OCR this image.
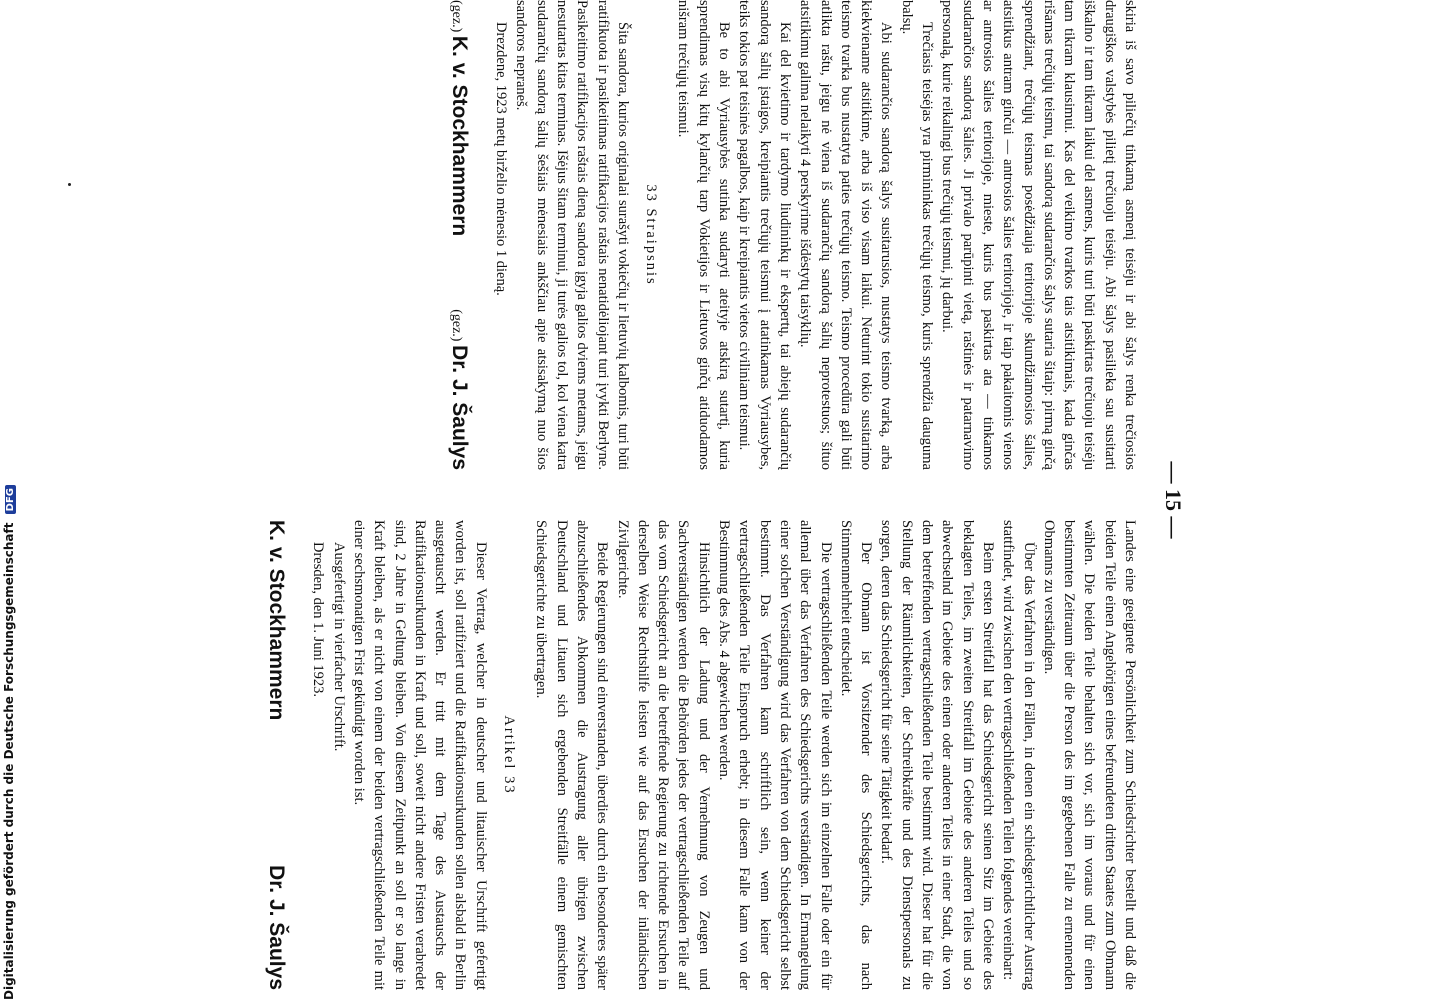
— 15 —

skiria iš savo piliečių tinkamą asmenį teisėju ir abi šalys renka trečiosios draugiškos valstybės pilietį trečiuoju teisėju. Abi šalys pasilieka sau susitarti iškalno ir tam tikram laikui del asmens, kuris turi būti paskirtas trečiuoju teisėju tam tikram klausimui. Kas del veikimo tvarkos tais atsitikimais, kada ginčas rišamas trečiųjų teismu, tai sandorą sudarančios šalys sutaria šitaip: pirmą ginčą sprendžiant, trečiųjų teismas posėdžiauja teritorijoje skundžiamosios šalies, atsitikus antram ginčui — antrosios šalies teritorijoje, ir taip pakaitomis vienos ar antrosios šalies teritorijoje, mieste, kuris bus paskirtas ata — tinkamos sudarančios sandorą šalies. Ji privalo parūpinti vietą, raštinės ir patarnavimo personalą, kurie reikalingi bus trečiųjų teismui, jų darbui.

Trečiasis teisėjas yra pirmininkas trečiųjų teismo, kuris sprendžia dauguma balsų.

Abi sudarančios sandorą šalys susitarusios, nustatys teismo tvarką, arba kiekviename atsitikime, arba iš viso visam laikui. Neturint tokio susitarimo teismo tvarka bus nustatyta paties trečiųjų teismo. Teismo procedūra gali būti atlikta raštu, jeigu nė viena iš sudarančių sandorą šalių neprotestuos; šituo atsitikimu galima nelaikyti 4 perskyrime išdėstytų taisyklių.

Kai del kvietimo ir tardymo liudininkų ir ekspertų, tai abiejų sudarančių sandorą šalių įstaigos, kreipiantis trečiųjų teismui į atatinkamas Vyriausybes, teiks tokios pat teisinės pagalbos, kaip ir kreipiantis vietos civiliniam teismui.

Be to abi Vyriausybės sutinka sudaryti ateityje atskirą sutartį, kuria sprendimas visų kitų kylančių tarp Vokietijos ir Lietuvos ginčų atiduodamos nišram trečiųjų teismui.

33 Straipsnis

Šita sandora, kurios originalai surašyti vokiečių ir lietuvių kalbomis, turi būti ratifikuota ir pasikeitimas ratifikacijos raštais nenatidėliojant turi įvykti Berlyne. Pasikeitimo ratifikacijos raštais dieną sandora įgyja galios dviems metams, jeigu nesutartas kitas terminas. Išėjus šitam terminui, ji turės galios tol, kol viena katra sudarančių sandorą šalių šešiais mėnesiais ankščiau apie atsisakymą nuo šios sandoros nepraneš.

Drezdene, 1923 metų birželio mėnesio 1 dieną.

(gez.) K. v. Stockhammern
(gez.) Dr. J. Šaulys

Landes eine geeignete Persönlichkeit zum Schiedsrichter bestellt und daß die beiden Teile einen Angehörigen eines befreundeten dritten Staates zum Obmann wählen. Die beiden Teile behalten sich vor, sich im voraus und für einen bestimmten Zeitraum über die Person des im gegebenen Falle zu ernennenden Obmanns zu verständigen.

Über das Verfahren in den Fällen, in denen ein schiedsgerichtlicher Austrag stattfindet, wird zwischen den vertragschließenden Teilen folgendes vereinbart:

Beim ersten Streitfall hat das Schiedsgericht seinen Sitz im Gebiete des beklagten Teiles, im zweiten Streitfall im Gebiete des anderen Teiles und so abwechselnd im Gebiete des einen oder anderen Teiles in einer Stadt, die von dem betreffenden vertragschließenden Teile bestimmt wird. Dieser hat für die Stellung der Räumlichkeiten, der Schreibkräfte und des Dienstpersonals zu sorgen, deren das Schiedsgericht für seine Tätigkeit bedarf.

Der Obmann ist Vorsitzender des Schiedsgerichts, das nach Stimmenmehrheit entscheidet.

Die vertragschließenden Teile werden sich im einzelnen Falle oder ein für allemal über das Verfahren des Schiedsgerichts verständigen. In Ermangelung einer solchen Verständigung wird das Verfahren von dem Schiedsgericht selbst bestimmt. Das Verfahren kann schriftlich sein, wenn keiner der vertragschließenden Teile Einspruch erhebt; in diesem Falle kann von der Bestimmung des Abs. 4 abgewichen werden.

Hinsichtlich der Ladung und der Vernehmung von Zeugen und Sachverständigen werden die Behörden jedes der vertragschließenden Teile auf das vom Schiedsgericht an die betreffende Regierung zu richtende Ersuchen in derselben Weise Rechtshilfe leisten wie auf das Ersuchen der inländischen Zivilgerichte.

Beide Regierungen sind einverstanden, überdies durch ein besonderes später abzuschließendes Abkommen die Austragung aller übrigen zwischen Deutschland und Litauen sich ergebenden Streitfälle einem gemischten Schiedsgerichte zu übertragen.

Artikel 33

Dieser Vertrag, welcher in deutscher und litauischer Urschrift gefertigt worden ist, soll ratifiziert und die Ratifikationsurkunden sollen alsbald in Berlin ausgetauscht werden. Er tritt mit dem Tage des Austauschs der Ratifikationsurkunden in Kraft und soll, soweit nicht andere Fristen verabredet sind, 2 Jahre in Geltung bleiben. Von diesem Zeitpunkt an soll er so lange in Kraft bleiben, als er nicht von einem der beiden vertragschließenden Teile mit einer sechsmonatigen Frist gekündigt worden ist.

Ausgefertigt in vierfacher Urschrift.

Dresden, den 1. Juni 1923.

K. v. Stockhammern
Dr. J. Šaulys
Digitalisierung gefördert durch die Deutsche Forschungsgemeinschaft DFG
